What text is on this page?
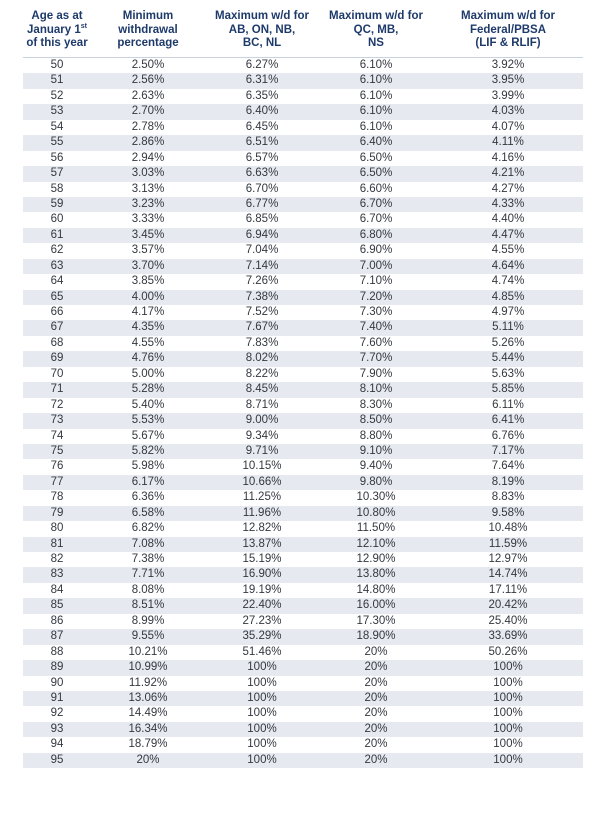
Age as at
January 1st
of this year
Minimum
withdrawal
percentage
Maximum w/d for
AB, ON, NB,
BC, NL
Maximum w/d for
QC, MB,
NS
Maximum w/d for
Federal/PBSA
(LIF & RLIF)
50	2.50%	6.27%	6.10%	3.92%
51	2.56%	6.31%	6.10%	3.95%
52	2.63%	6.35%	6.10%	3.99%
53	2.70%	6.40%	6.10%	4.03%
54	2.78%	6.45%	6.10%	4.07%
55	2.86%	6.51%	6.40%	4.11%
56	2.94%	6.57%	6.50%	4.16%
57	3.03%	6.63%	6.50%	4.21%
58	3.13%	6.70%	6.60%	4.27%
59	3.23%	6.77%	6.70%	4.33%
60	3.33%	6.85%	6.70%	4.40%
61	3.45%	6.94%	6.80%	4.47%
62	3.57%	7.04%	6.90%	4.55%
63	3.70%	7.14%	7.00%	4.64%
64	3.85%	7.26%	7.10%	4.74%
65	4.00%	7.38%	7.20%	4.85%
66	4.17%	7.52%	7.30%	4.97%
67	4.35%	7.67%	7.40%	5.11%
68	4.55%	7.83%	7.60%	5.26%
69	4.76%	8.02%	7.70%	5.44%
70	5.00%	8.22%	7.90%	5.63%
71	5.28%	8.45%	8.10%	5.85%
72	5.40%	8.71%	8.30%	6.11%
73	5.53%	9.00%	8.50%	6.41%
74	5.67%	9.34%	8.80%	6.76%
75	5.82%	9.71%	9.10%	7.17%
76	5.98%	10.15%	9.40%	7.64%
77	6.17%	10.66%	9.80%	8.19%
78	6.36%	11.25%	10.30%	8.83%
79	6.58%	11.96%	10.80%	9.58%
80	6.82%	12.82%	11.50%	10.48%
81	7.08%	13.87%	12.10%	11.59%
82	7.38%	15.19%	12.90%	12.97%
83	7.71%	16.90%	13.80%	14.74%
84	8.08%	19.19%	14.80%	17.11%
85	8.51%	22.40%	16.00%	20.42%
86	8.99%	27.23%	17.30%	25.40%
87	9.55%	35.29%	18.90%	33.69%
88	10.21%	51.46%	20%	50.26%
89	10.99%	100%	20%	100%
90	11.92%	100%	20%	100%
91	13.06%	100%	20%	100%
92	14.49%	100%	20%	100%
93	16.34%	100%	20%	100%
94	18.79%	100%	20%	100%
95	20%	100%	20%	100%
